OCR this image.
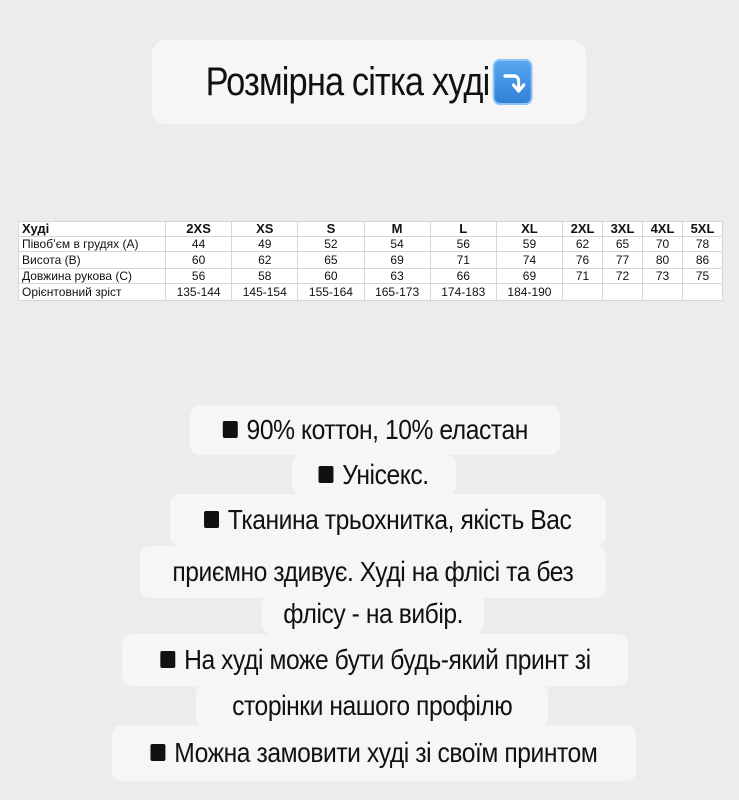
Розмірна сітка худі
Худі	2XS	XS	S	M	L	XL	2XL	3XL	4XL	5XL
Півобʼєм в грудях (А)	44	49	52	54	56	59	62	65	70	78
Висота (В)	60	62	65	69	71	74	76	77	80	86
Довжина рукова (С)	56	58	60	63	66	69	71	72	73	75
Орієнтовний зріст	135-144	145-154	155-164	165-173	174-183	184-190				
90% коттон, 10% еластан
Унісекс.
Тканина трьохнитка, якість Вас
приємно здивує. Худі на флісі та без
флісу - на вибір.
На худі може бути будь-який принт зі
сторінки нашого профілю
Можна замовити худі зі своїм принтом
